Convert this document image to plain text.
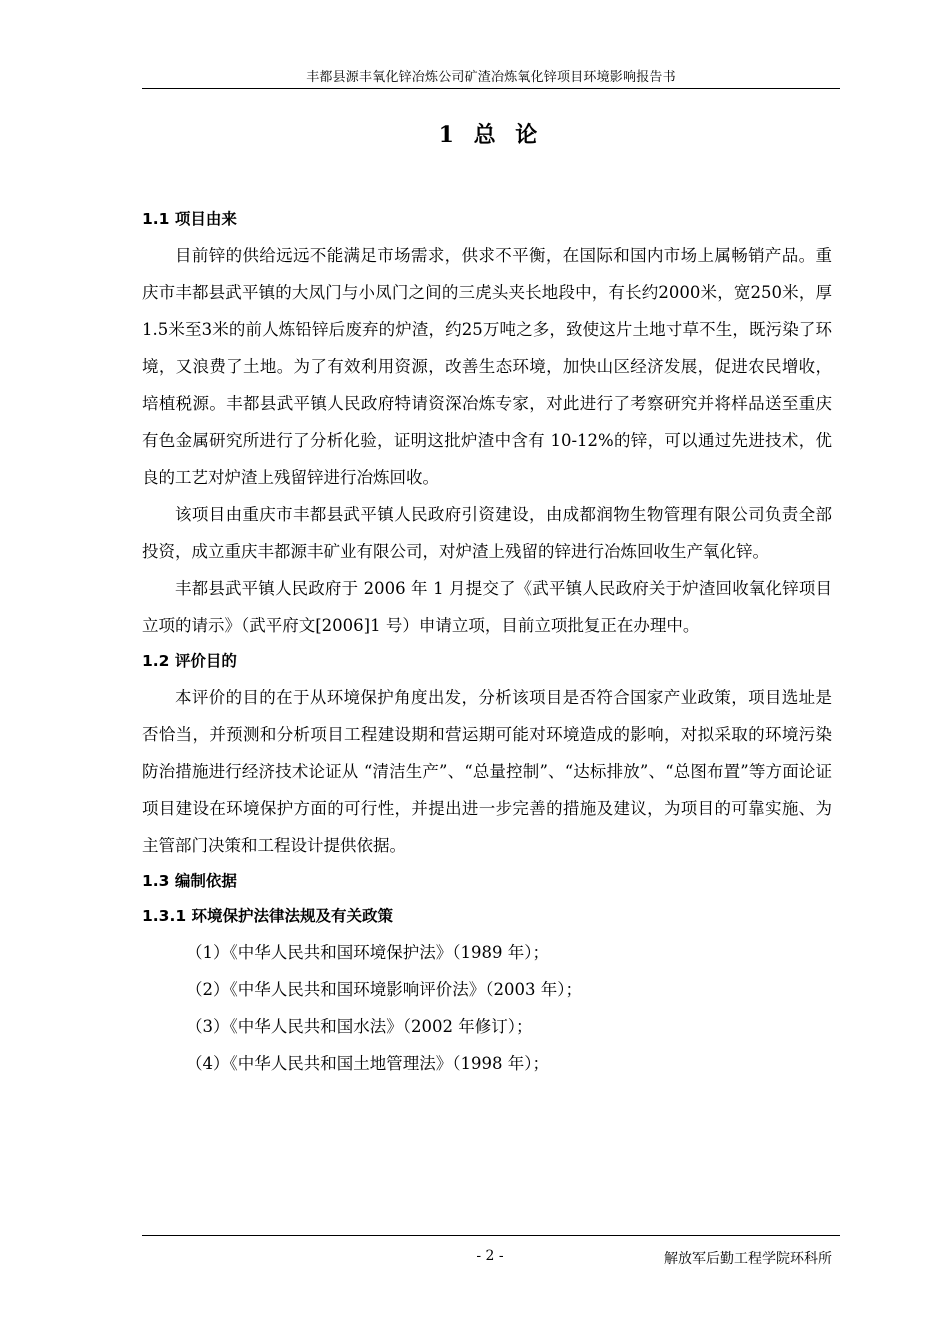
丰都县源丰氧化锌冶炼公司矿渣冶炼氧化锌项目环境影响报告书
1 总 论
1.1 项目由来

目前锌的供给远远不能满足市场需求，供求不平衡，在国际和国内市场上属畅销产品。重庆市丰都县武平镇的大凤门与小凤门之间的三虎头夹长地段中，有长约2000米，宽250米，厚1.5米至3米的前人炼铅锌后废弃的炉渣，约25万吨之多，致使这片土地寸草不生，既污染了环境，又浪费了土地。为了有效利用资源，改善生态环境，加快山区经济发展，促进农民增收，培植税源。丰都县武平镇人民政府特请资深冶炼专家，对此进行了考察研究并将样品送至重庆有色金属研究所进行了分析化验，证明这批炉渣中含有 10-12%的锌，可以通过先进技术，优良的工艺对炉渣上残留锌进行冶炼回收。

该项目由重庆市丰都县武平镇人民政府引资建设，由成都润物生物管理有限公司负责全部投资，成立重庆丰都源丰矿业有限公司，对炉渣上残留的锌进行冶炼回收生产氧化锌。

丰都县武平镇人民政府于 2006 年 1 月提交了《武平镇人民政府关于炉渣回收氧化锌项目立项的请示》（武平府文[2006]1 号）申请立项，目前立项批复正在办理中。

1.2 评价目的

本评价的目的在于从环境保护角度出发，分析该项目是否符合国家产业政策，项目选址是否恰当，并预测和分析项目工程建设期和营运期可能对环境造成的影响，对拟采取的环境污染防治措施进行经济技术论证从 “清洁生产”、“总量控制”、“达标排放”、“总图布置”等方面论证项目建设在环境保护方面的可行性，并提出进一步完善的措施及建议，为项目的可靠实施、为主管部门决策和工程设计提供依据。

1.3 编制依据
1.3.1 环境保护法律法规及有关政策
（1）《中华人民共和国环境保护法》（1989 年）；
（2）《中华人民共和国环境影响评价法》（2003 年）；
（3）《中华人民共和国水法》（2002 年修订）；
（4）《中华人民共和国土地管理法》（1998 年）；
- 2 -	解放军后勤工程学院环科所
